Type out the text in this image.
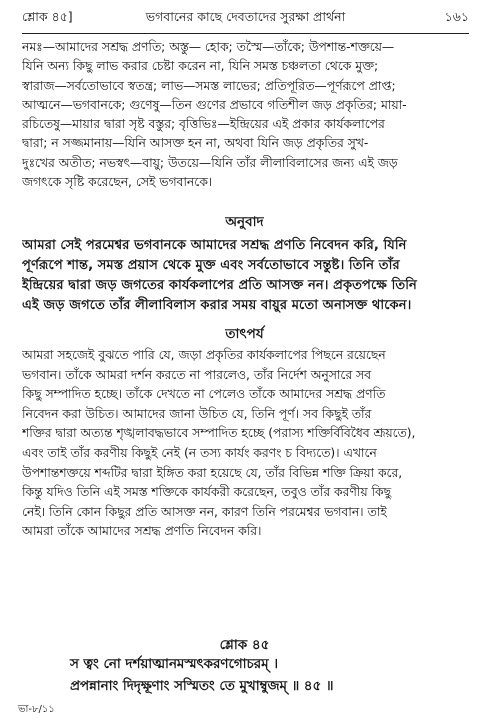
শ্লোক ৪৫]	ভগবানের কাছে দেবতাদের সুরক্ষা প্রার্থনা	১৬১
নমঃ—আমাদের সশ্রদ্ধ প্রণতি; অস্তু— হোক; তস্মৈ—তাঁকে; উপশান্ত-শক্তয়ে—
যিনি অন্য কিছু লাভ করার চেষ্টা করেন না, যিনি সমস্ত চঞ্চলতা থেকে মুক্ত;
স্বারাজ—সর্বতোভাবে স্বতন্ত্র; লাভ—সমস্ত লাভের; প্রতিপূরিত—পূর্ণরূপে প্রাপ্ত;
আত্মনে—ভগবানকে; গুণেষু—তিন গুণের প্রভাবে গতিশীল জড় প্রকৃতির; মায়া-
রচিতেষু—মায়ার দ্বারা সৃষ্ট বস্তুর; বৃত্তিভিঃ—ইন্দ্রিয়ের এই প্রকার কার্যকলাপের
দ্বারা; ন সজ্জমানায়—যিনি আসক্ত হন না, অথবা যিনি জড় প্রকৃতির সুখ-
দুঃখের অতীত; নভস্বৎ—বায়ু; উতয়ে—যিনি তাঁর লীলাবিলাসের জন্য এই জড়
জগৎকে সৃষ্টি করেছেন, সেই ভগবানকে।
অনুবাদ
আমরা সেই পরমেশ্বর ভগবানকে আমাদের সশ্রদ্ধ প্রণতি নিবেদন করি, যিনি
পূর্ণরূপে শান্ত, সমস্ত প্রয়াস থেকে মুক্ত এবং সর্বতোভাবে সন্তুষ্ট। তিনি তাঁর
ইন্দ্রিয়ের দ্বারা জড় জগতের কার্যকলাপের প্রতি আসক্ত নন। প্রকৃতপক্ষে তিনি
এই জড় জগতে তাঁর লীলাবিলাস করার সময় বায়ুর মতো অনাসক্ত থাকেন।
তাৎপর্য
আমরা সহজেই বুঝতে পারি যে, জড়া প্রকৃতির কার্যকলাপের পিছনে রয়েছেন
ভগবান। তাঁকে আমরা দর্শন করতে না পারলেও, তাঁর নির্দেশ অনুসারে সব
কিছু সম্পাদিত হচ্ছে। তাঁকে দেখতে না পেলেও তাঁকে আমাদের সশ্রদ্ধ প্রণতি
নিবেদন করা উচিত। আমাদের জানা উচিত যে, তিনি পূর্ণ। সব কিছুই তাঁর
শক্তির দ্বারা অত্যন্ত শৃঙ্খলাবদ্ধভাবে সম্পাদিত হচ্ছে (পরাস্য শক্তির্বিবিধৈব শ্রূয়তে),
এবং তাই তাঁর করণীয় কিছুই নেই (ন তস্য কার্যং করণং চ বিদ্যতে)। এখানে
উপশান্তশক্তয়ে শব্দটির দ্বারা ইঙ্গিত করা হয়েছে যে, তাঁর বিভিন্ন শক্তি ক্রিয়া করে,
কিন্তু যদিও তিনি এই সমস্ত শক্তিকে কার্যকরী করেছেন, তবুও তাঁর করণীয় কিছু
নেই। তিনি কোন কিছুর প্রতি আসক্ত নন, কারণ তিনি পরমেশ্বর ভগবান। তাই
আমরা তাঁকে আমাদের সশ্রদ্ধ প্রণতি নিবেদন করি।
শ্লোক ৪৫
স ত্বং নো দর্শয়াত্মানমস্মৎকরণগোচরম্ ।
প্রপন্নানাং দিদৃক্ষূণাং সস্মিতং তে মুখাম্বুজম্ ॥ ৪৫ ॥
ভা-৮/১১
